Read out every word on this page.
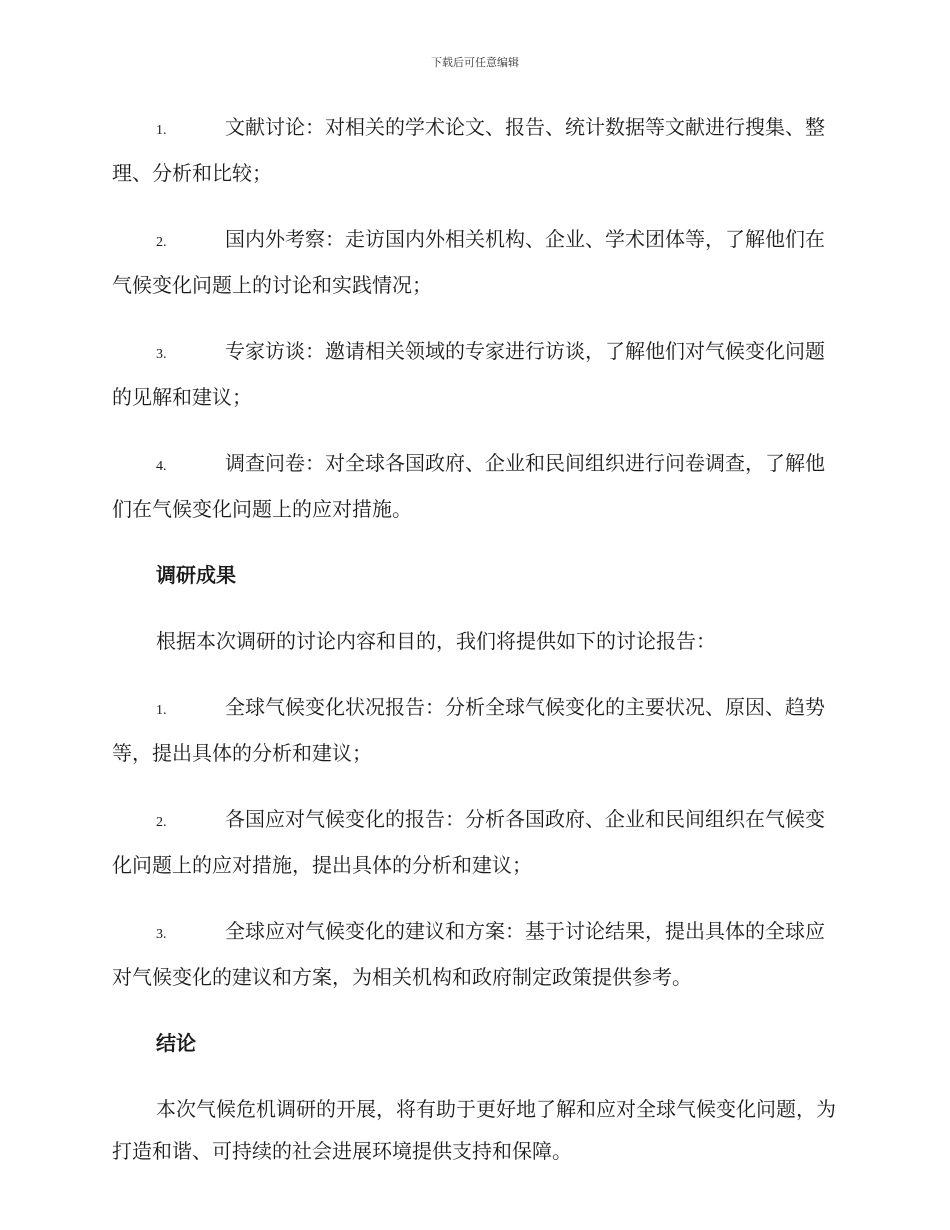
下载后可任意编辑
1.	文献讨论：对相关的学术论文、报告、统计数据等文献进行搜集、整理、分析和比较；
2.	国内外考察：走访国内外相关机构、企业、学术团体等，了解他们在气候变化问题上的讨论和实践情况；
3.	专家访谈：邀请相关领域的专家进行访谈，了解他们对气候变化问题的见解和建议；
4.	调查问卷：对全球各国政府、企业和民间组织进行问卷调查，了解他们在气候变化问题上的应对措施。
调研成果
根据本次调研的讨论内容和目的，我们将提供如下的讨论报告：
1.	全球气候变化状况报告：分析全球气候变化的主要状况、原因、趋势等，提出具体的分析和建议；
2.	各国应对气候变化的报告：分析各国政府、企业和民间组织在气候变化问题上的应对措施，提出具体的分析和建议；
3.	全球应对气候变化的建议和方案：基于讨论结果，提出具体的全球应对气候变化的建议和方案，为相关机构和政府制定政策提供参考。
结论
本次气候危机调研的开展，将有助于更好地了解和应对全球气候变化问题，为打造和谐、可持续的社会进展环境提供支持和保障。
